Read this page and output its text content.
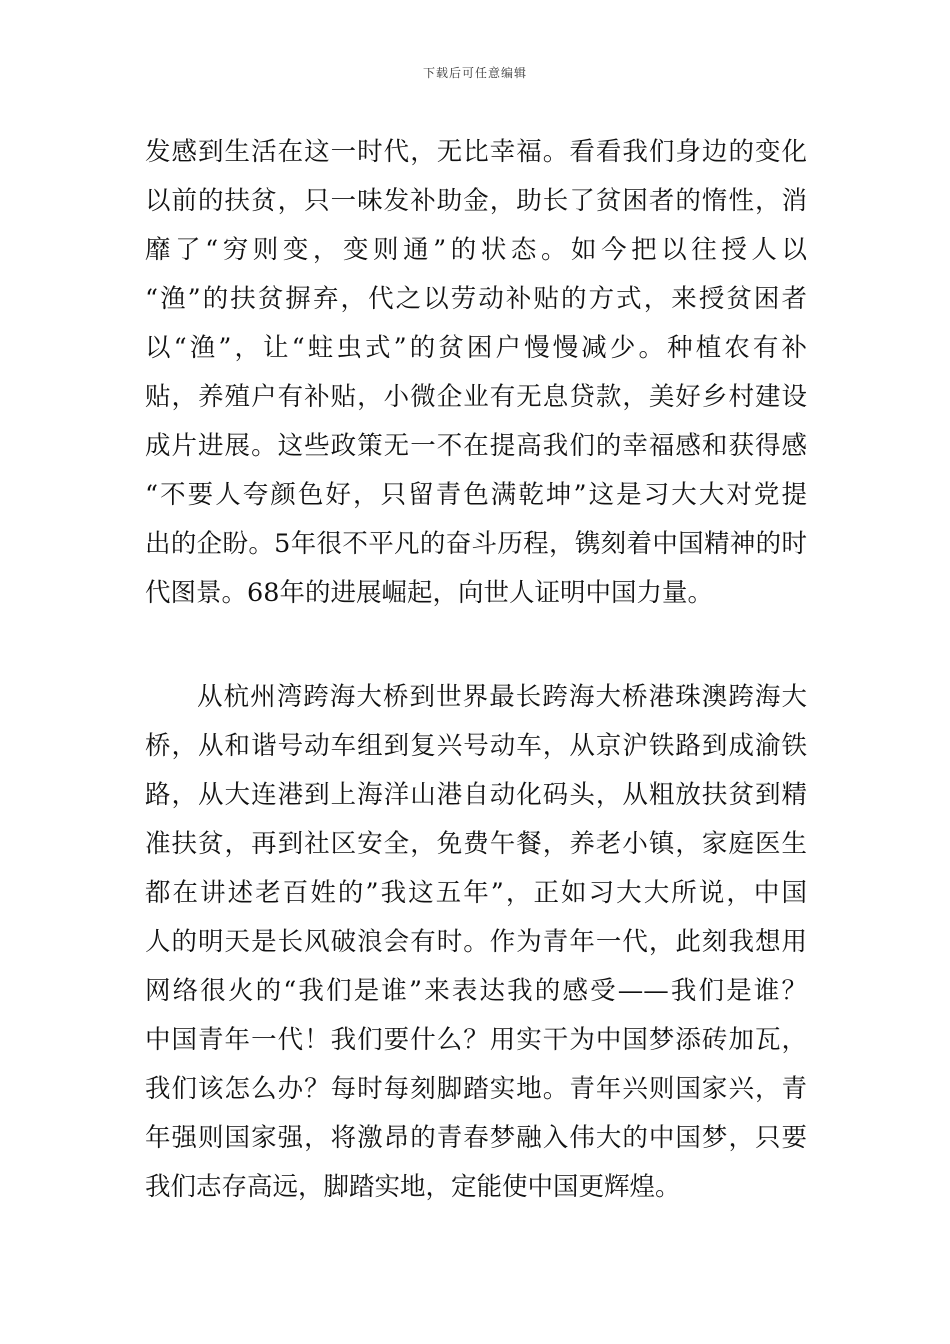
下载后可任意编辑
发感到生活在这一时代，无比幸福。看看我们身边的变化
以前的扶贫，只一味发补助金，助长了贫困者的惰性，消
靡了“穷则变，变则通”的状态。如今把以往授人以
“渔”的扶贫摒弃，代之以劳动补贴的方式，来授贫困者
以“渔”，让“蛀虫式”的贫困户慢慢减少。种植农有补
贴，养殖户有补贴，小微企业有无息贷款，美好乡村建设
成片进展。这些政策无一不在提高我们的幸福感和获得感
“不要人夸颜色好，只留青色满乾坤”这是习大大对党提
出的企盼。5年很不平凡的奋斗历程，镌刻着中国精神的时
代图景。68年的进展崛起，向世人证明中国力量。
从杭州湾跨海大桥到世界最长跨海大桥港珠澳跨海大
桥，从和谐号动车组到复兴号动车，从京沪铁路到成渝铁
路，从大连港到上海洋山港自动化码头，从粗放扶贫到精
准扶贫，再到社区安全，免费午餐，养老小镇，家庭医生
都在讲述老百姓的”我这五年”，正如习大大所说，中国
人的明天是长风破浪会有时。作为青年一代，此刻我想用
网络很火的“我们是谁”来表达我的感受——我们是谁？
中国青年一代！我们要什么？用实干为中国梦添砖加瓦，
我们该怎么办？每时每刻脚踏实地。青年兴则国家兴，青
年强则国家强，将激昂的青春梦融入伟大的中国梦，只要
我们志存高远，脚踏实地，定能使中国更辉煌。
